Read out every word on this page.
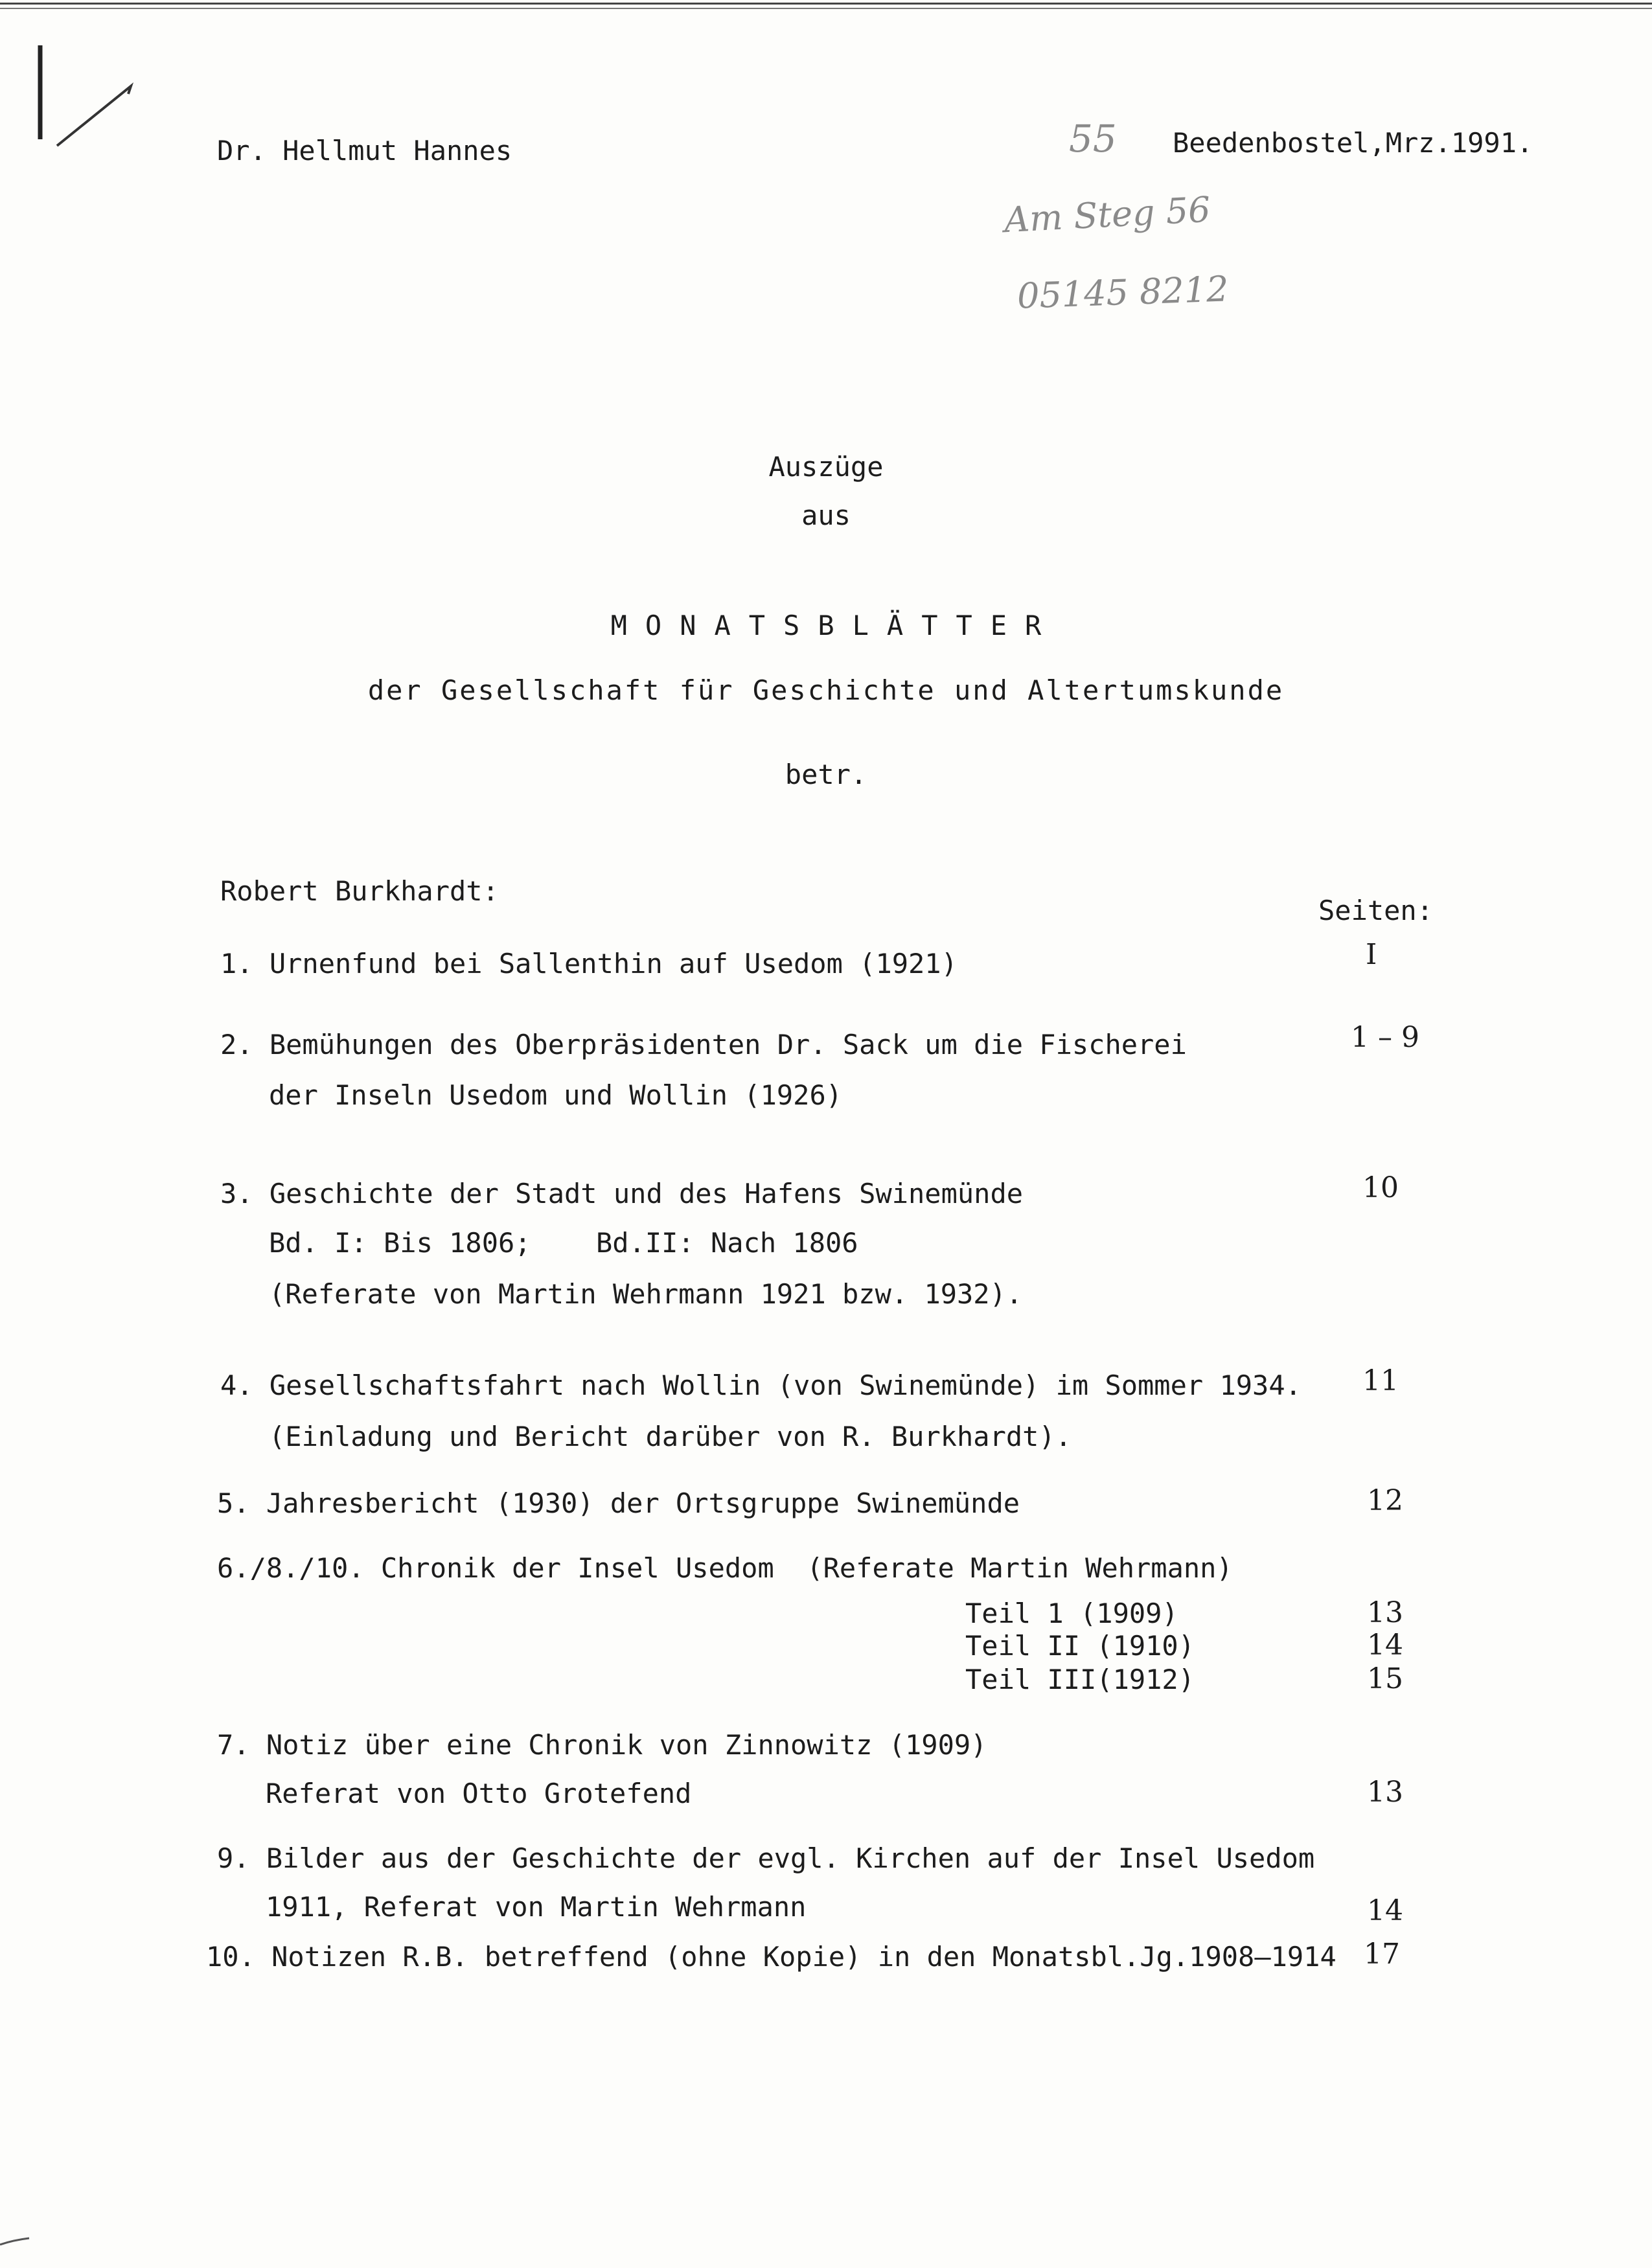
Dr. Hellmut Hannes	Beedenbostel,Mrz.1991.
55
Am Steg 56
05145 8212
Auszüge
aus
MONATSBLÄTTER
der Gesellschaft für Geschichte und Altertumskunde
betr.
Robert Burkhardt:
Seiten:
1. Urnenfund bei Sallenthin auf Usedom (1921)	I
2. Bemühungen des Oberpräsidenten Dr. Sack um die Fischerei
der Inseln Usedom und Wollin (1926)
1 – 9
3. Geschichte der Stadt und des Hafens Swinemünde
Bd. I: Bis 1806; Bd.II: Nach 1806
(Referate von Martin Wehrmann 1921 bzw. 1932).
10
4. Gesellschaftsfahrt nach Wollin (von Swinemünde) im Sommer 1934.
(Einladung und Bericht darüber von R. Burkhardt).
11
5. Jahresbericht (1930) der Ortsgruppe Swinemünde	12
6./8./10. Chronik der Insel Usedom  (Referate Martin Wehrmann)
Teil 1 (1909)	13
Teil II (1910)	14
Teil III(1912)	15
7. Notiz über eine Chronik von Zinnowitz (1909)
Referat von Otto Grotefend	13
9. Bilder aus der Geschichte der evgl. Kirchen auf der Insel Usedom
1911, Referat von Martin Wehrmann	14
10. Notizen R.B. betreffend (ohne Kopie) in den Monatsbl.Jg.1908–1914 17
